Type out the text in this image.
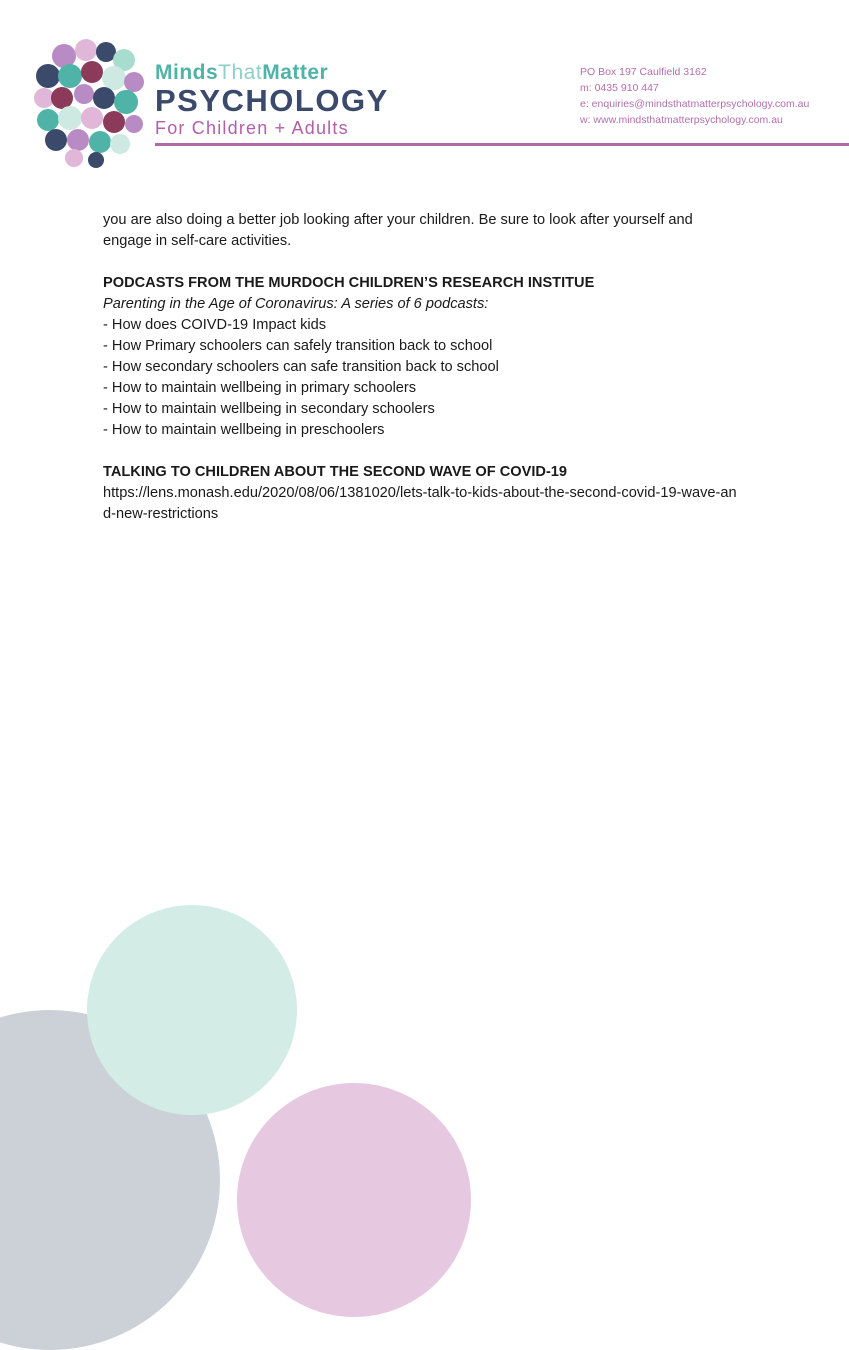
MindsThatMatter
PSYCHOLOGY
For Children + Adults
PO Box 197 Caulfield 3162
m: 0435 910 447
e: enquiries@mindsthatmatterpsychology.com.au
w: www.mindsthatmatterpsychology.com.au

you are also doing a better job looking after your children. Be sure to look after yourself and

engage in self-care activities.

PODCASTS FROM THE MURDOCH CHILDREN’S RESEARCH INSTITUE

Parenting in the Age of Coronavirus: A series of 6 podcasts:

- How does COIVD-19 Impact kids

- How Primary schoolers can safely transition back to school

- How secondary schoolers can safe transition back to school

- How to maintain wellbeing in primary schoolers

- How to maintain wellbeing in secondary schoolers

- How to maintain wellbeing in preschoolers

TALKING TO CHILDREN ABOUT THE SECOND WAVE OF COVID-19

https://lens.monash.edu/2020/08/06/1381020/lets-talk-to-kids-about-the-second-covid-19-wave-and-new-restrictions
